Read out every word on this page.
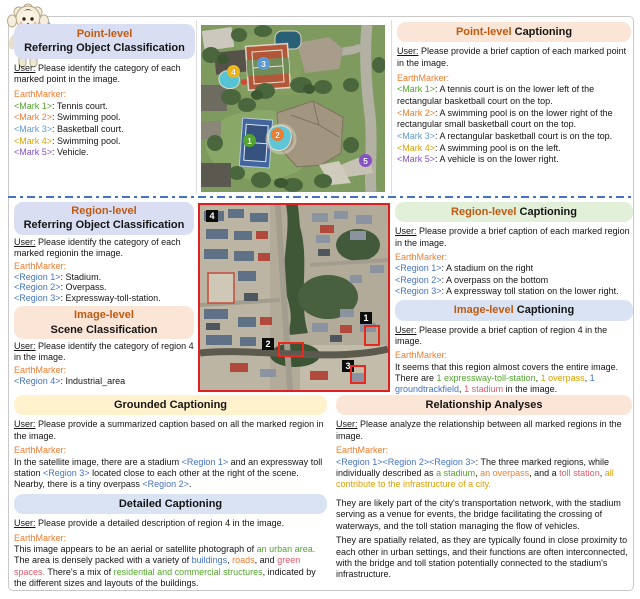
Point-level
Referring Object Classification
User: Please identify the category of each marked point in the image.
EarthMarker:
<Mark 1>: Tennis court.
<Mark 2>: Swimming pool.
<Mark 3>: Basketball court.
<Mark 4>: Swimming pool.
<Mark 5>: Vehicle.
1
2
3
4
5
Point-level Captioning
User: Please provide a brief caption of each marked point in the image.
EarthMarker:
<Mark 1>: A tennis court is on the lower left of the rectangular basketball court on the top.
<Mark 2>: A swimming pool is on the lower right of the rectangular small basketball court on the top.
<Mark 3>: A rectangular basketball court is on the top.
<Mark 4>: A swimming pool is on the left.
<Mark 5>: A vehicle is on the lower right.
Region-level
Referring Object Classification
User: Please identify the category of each marked regionin the image.
EarthMarker:
<Region 1>: Stadium.
<Region 2>: Overpass.
<Region 3>: Expressway-toll-station.
Image-level
Scene Classification
User: Please identify the category of region 4 in the image.
EarthMarker:
<Region 4>: Industrial_area
4
1
2
3
Region-level Captioning
User: Please provide a brief caption of each marked region in the image.
EarthMarker:
<Region 1>: A stadium on the right
<Region 2>: A overpass on the bottom
<Region 3>: A expressway toll station on the lower right.
Image-level Captioning
User: Please provide a brief caption of region 4 in the image.
EarthMarker:
It seems that this region almost covers the entire image. There are 1 expressway-toll-station, 1 overpass, 1 groundtrackfield, 1 stadium in the image.
Grounded Captioning
User: Please provide a summarized caption based on all the marked region in the image.
EarthMarker:
In the satellite image, there are a stadium <Region 1> and an expressway toll station <Region 3> located close to each other at the right of the scene. Nearby, there is a tiny overpass <Region 2>.
Detailed Captioning
User: Please provide a detailed description of region 4 in the image.
EarthMarker:
This image appears to be an aerial or satellite photograph of an urban area. The area is densely packed with a variety of buildings, roads, and green spaces. There's a mix of residential and commercial structures, indicated by the different sizes and layouts of the buildings.
Relationship Analyses
User: Please analyze the relationship between all marked regions in the image.
EarthMarker:
<Region 1><Region 2><Region 3>: The three marked regions, while individually described as a stadium, an overpass, and a toll station, all contribute to the infrastructure of a city.
They are likely part of the city's transportation network, with the stadium serving as a venue for events, the bridge facilitating the crossing of waterways, and the toll station managing the flow of vehicles.
They are spatially related, as they are typically found in close proximity to each other in urban settings, and their functions are often interconnected, with the bridge and toll station potentially connected to the stadium's infrastructure.
